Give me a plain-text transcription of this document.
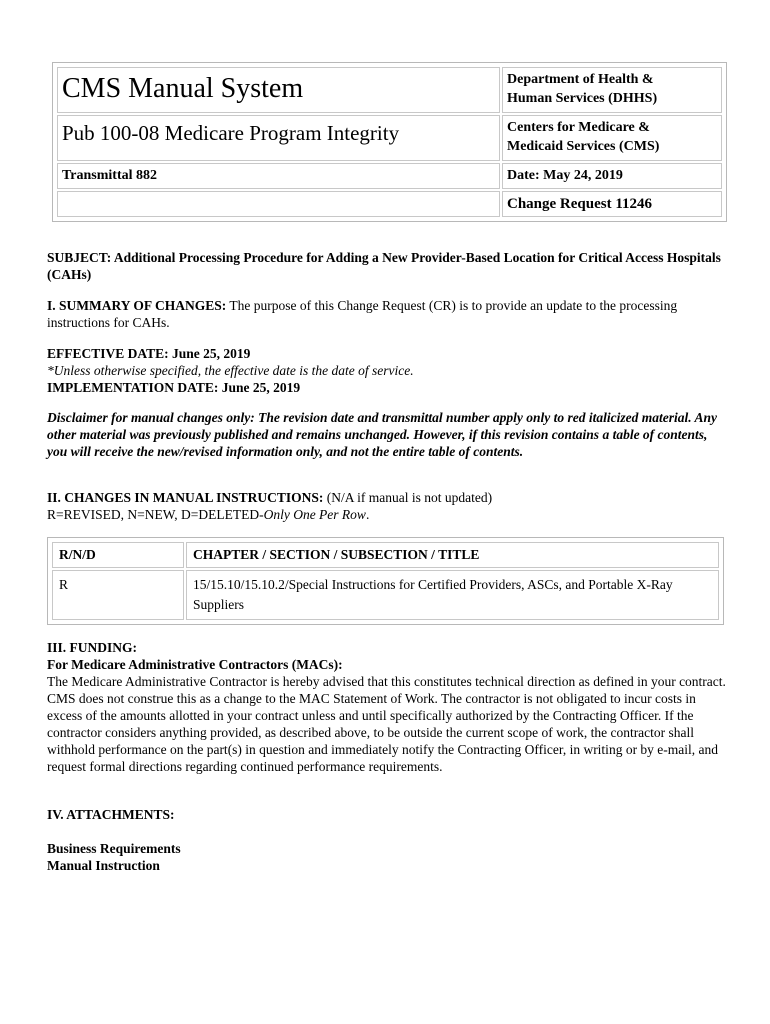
CMS Manual System	Department of Health &
Human Services (DHHS)

Pub 100-08 Medicare Program Integrity	Centers for Medicare &
Medicaid Services (CMS)

Transmittal 882	Date: May 24, 2019
	Change Request 11246
SUBJECT: Additional Processing Procedure for Adding a New Provider-Based Location for Critical Access Hospitals (CAHs)
I. SUMMARY OF CHANGES: The purpose of this Change Request (CR) is to provide an update to the processing instructions for CAHs.
EFFECTIVE DATE: June 25, 2019
*Unless otherwise specified, the effective date is the date of service.
IMPLEMENTATION DATE: June 25, 2019
Disclaimer for manual changes only: The revision date and transmittal number apply only to red italicized material. Any other material was previously published and remains unchanged. However, if this revision contains a table of contents, you will receive the new/revised information only, and not the entire table of contents.
II. CHANGES IN MANUAL INSTRUCTIONS: (N/A if manual is not updated)
R=REVISED, N=NEW, D=DELETED-Only One Per Row.
R/N/D	CHAPTER / SECTION / SUBSECTION / TITLE
R	15/15.10/15.10.2/Special Instructions for Certified Providers, ASCs, and Portable X-Ray Suppliers
III. FUNDING:
For Medicare Administrative Contractors (MACs):
The Medicare Administrative Contractor is hereby advised that this constitutes technical direction as defined in your contract. CMS does not construe this as a change to the MAC Statement of Work. The contractor is not obligated to incur costs in excess of the amounts allotted in your contract unless and until specifically authorized by the Contracting Officer. If the contractor considers anything provided, as described above, to be outside the current scope of work, the contractor shall withhold performance on the part(s) in question and immediately notify the Contracting Officer, in writing or by e-mail, and request formal directions regarding continued performance requirements.
IV. ATTACHMENTS:
Business Requirements
Manual Instruction
